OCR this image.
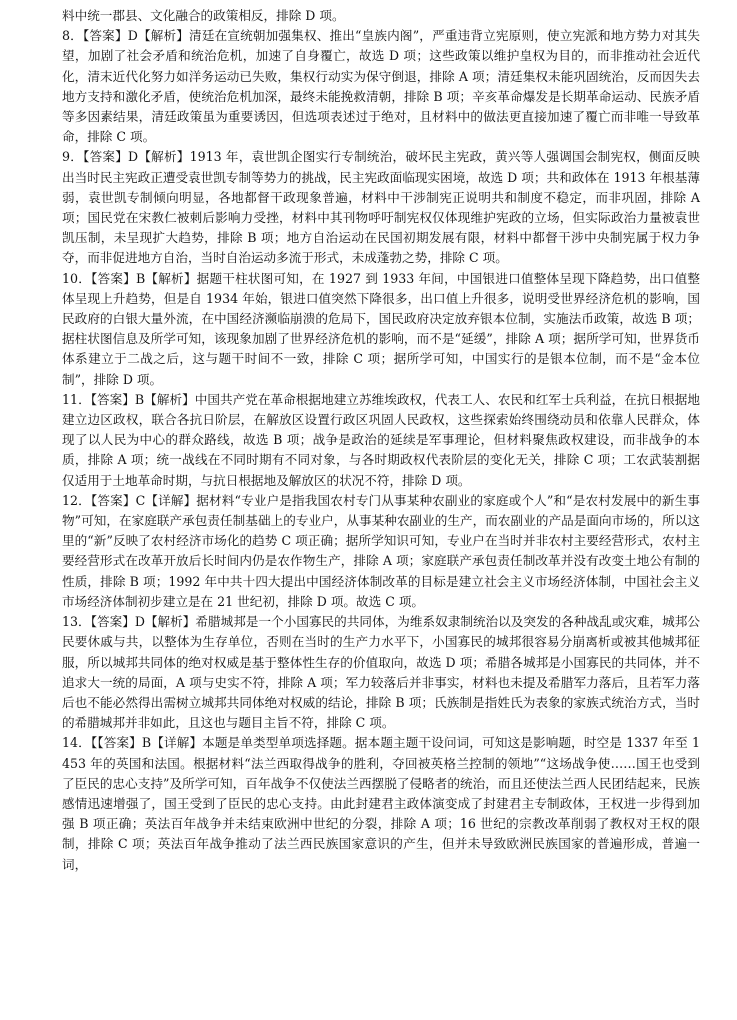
料中统一郡县、文化融合的政策相反，排除 D 项。

8．【答案】D【解析】清廷在宣统朝加强集权、推出“皇族内阁”，严重违背立宪原则，使立宪派和地方势力对其失望，加剧了社会矛盾和统治危机，加速了自身覆亡，故选 D 项；这些政策以维护皇权为目的，而非推动社会近代化，清末近代化努力如洋务运动已失败，集权行动实为保守倒退，排除 A 项；清廷集权未能巩固统治，反而因失去地方支持和激化矛盾，使统治危机加深，最终未能挽救清朝，排除 B 项；辛亥革命爆发是长期革命运动、民族矛盾等多因素结果，清廷政策虽为重要诱因，但选项表述过于绝对，且材料中的做法更直接加速了覆亡而非唯一导致革命，排除 C 项。

9．【答案】D【解析】1913 年，袁世凯企图实行专制统治，破坏民主宪政，黄兴等人强调国会制宪权，侧面反映出当时民主宪政正遭受袁世凯专制等势力的挑战，民主宪政面临现实困境，故选 D 项；共和政体在 1913 年根基薄弱，袁世凯专制倾向明显，各地都督干政现象普遍，材料中干涉制宪正说明共和制度不稳定，而非巩固，排除 A 项；国民党在宋教仁被刺后影响力受挫，材料中其刊物呼吁制宪权仅体现维护宪政的立场，但实际政治力量被袁世凯压制，未呈现扩大趋势，排除 B 项；地方自治运动在民国初期发展有限，材料中都督干涉中央制宪属于权力争夺，而非促进地方自治，当时自治运动多流于形式，未成蓬勃之势，排除 C 项。

10．【答案】B【解析】据题干柱状图可知，在 1927 到 1933 年间，中国银进口值整体呈现下降趋势，出口值整体呈现上升趋势，但是自 1934 年始，银进口值突然下降很多，出口值上升很多，说明受世界经济危机的影响，国民政府的白银大量外流，在中国经济濒临崩溃的危局下，国民政府决定放弃银本位制，实施法币政策，故选 B 项；据柱状图信息及所学可知，该现象加剧了世界经济危机的影响，而不是“延缓”，排除 A 项；据所学可知，世界货币体系建立于二战之后，这与题干时间不一致，排除 C 项；据所学可知，中国实行的是银本位制，而不是“金本位制”，排除 D 项。

11．【答案】B【解析】中国共产党在革命根据地建立苏维埃政权，代表工人、农民和红军士兵利益，在抗日根据地建立边区政权，联合各抗日阶层，在解放区设置行政区巩固人民政权，这些探索始终围绕动员和依靠人民群众，体现了以人民为中心的群众路线，故选 B 项；战争是政治的延续是军事理论，但材料聚焦政权建设，而非战争的本质，排除 A 项；统一战线在不同时期有不同对象，与各时期政权代表阶层的变化无关，排除 C 项；工农武装割据仅适用于土地革命时期，与抗日根据地及解放区的状况不符，排除 D 项。

12．【答案】C【详解】据材料“专业户是指我国农村专门从事某种农副业的家庭或个人”和“是农村发展中的新生事物”可知，在家庭联产承包责任制基础上的专业户，从事某种农副业的生产，而农副业的产品是面向市场的，所以这里的“新”反映了农村经济市场化的趋势 C 项正确；据所学知识可知，专业户在当时并非农村主要经营形式，农村主要经营形式在改革开放后长时间内仍是农作物生产，排除 A 项；家庭联产承包责任制改革并没有改变土地公有制的性质，排除 B 项；1992 年中共十四大提出中国经济体制改革的目标是建立社会主义市场经济体制，中国社会主义市场经济体制初步建立是在 21 世纪初，排除 D 项。故选 C 项。

13．【答案】D【解析】希腊城邦是一个小国寡民的共同体，为维系奴隶制统治以及突发的各种战乱或灾难，城邦公民要休戚与共，以整体为生存单位，否则在当时的生产力水平下，小国寡民的城邦很容易分崩离析或被其他城邦征服，所以城邦共同体的绝对权威是基于整体性生存的价值取向，故选 D 项；希腊各城邦是小国寡民的共同体，并不追求大一统的局面，A 项与史实不符，排除 A 项；军力较落后并非事实，材料也未提及希腊军力落后，且若军力落后也不能必然得出需树立城邦共同体绝对权威的结论，排除 B 项；氏族制是指姓氏为表象的家族式统治方式，当时的希腊城邦并非如此，且这也与题目主旨不符，排除 C 项。

14．【【答案】B【详解】本题是单类型单项选择题。据本题主题干设问词，可知这是影响题，时空是 1337 年至 1453 年的英国和法国。根据材料“法兰西取得战争的胜利，夺回被英格兰控制的领地”“这场战争使……国王也受到了臣民的忠心支持”及所学可知，百年战争不仅使法兰西摆脱了侵略者的统治，而且还使法兰西人民团结起来，民族感情迅速增强了，国王受到了臣民的忠心支持。由此封建君主政体演变成了封建君主专制政体，王权进一步得到加强 B 项正确；英法百年战争并未结束欧洲中世纪的分裂，排除 A 项；16 世纪的宗教改革削弱了教权对王权的限制，排除 C 项；英法百年战争推动了法兰西民族国家意识的产生，但并未导致欧洲民族国家的普遍形成，普遍一词，
